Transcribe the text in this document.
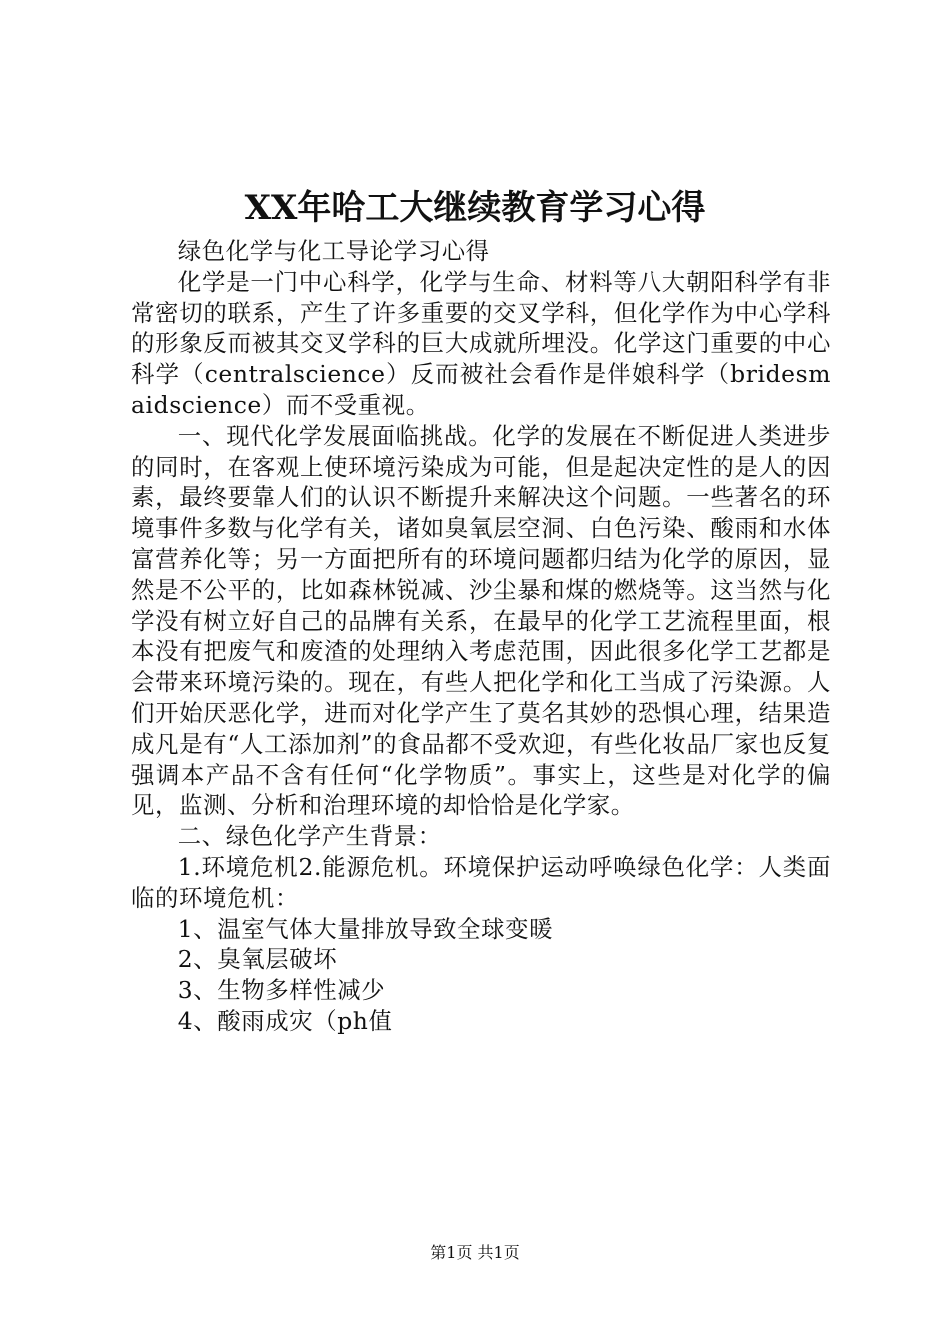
XX年哈工大继续教育学习心得

绿色化学与化工导论学习心得

化学是一门中心科学，化学与生命、材料等八大朝阳科学有非常密切的联系，产生了许多重要的交叉学科，但化学作为中心学科的形象反而被其交叉学科的巨大成就所埋没。化学这门重要的中心科学（centralscience）反而被社会看作是伴娘科学（bridesmaidscience）而不受重视。

一、现代化学发展面临挑战。化学的发展在不断促进人类进步的同时，在客观上使环境污染成为可能，但是起决定性的是人的因素，最终要靠人们的认识不断提升来解决这个问题。一些著名的环境事件多数与化学有关，诸如臭氧层空洞、白色污染、酸雨和水体富营养化等；另一方面把所有的环境问题都归结为化学的原因，显然是不公平的，比如森林锐减、沙尘暴和煤的燃烧等。这当然与化学没有树立好自己的品牌有关系，在最早的化学工艺流程里面，根本没有把废气和废渣的处理纳入考虑范围，因此很多化学工艺都是会带来环境污染的。现在，有些人把化学和化工当成了污染源。人们开始厌恶化学，进而对化学产生了莫名其妙的恐惧心理，结果造成凡是有“人工添加剂”的食品都不受欢迎，有些化妆品厂家也反复强调本产品不含有任何“化学物质”。事实上，这些是对化学的偏见，监测、分析和治理环境的却恰恰是化学家。

二、绿色化学产生背景：

1.环境危机2.能源危机。环境保护运动呼唤绿色化学：人类面临的环境危机：

1、温室气体大量排放导致全球变暖

2、臭氧层破坏

3、生物多样性减少

4、酸雨成灾（ph值

第1页 共1页
